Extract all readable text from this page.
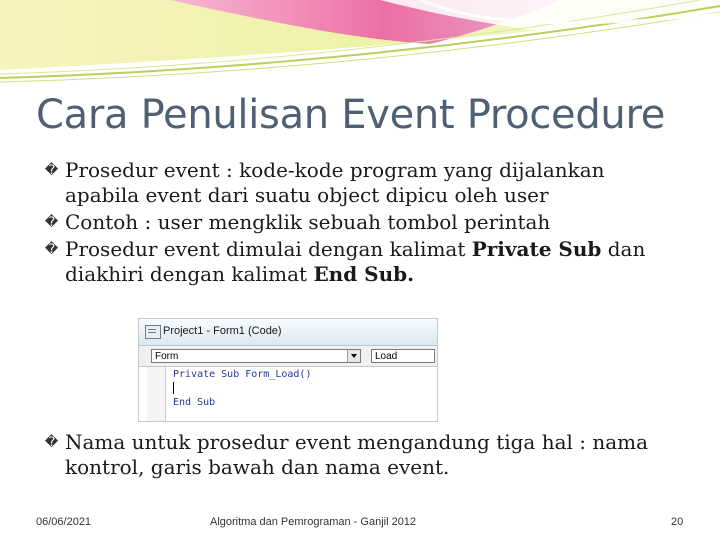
Cara Penulisan Event Procedure
� Prosedur event : kode-kode program yang dijalankan apabila event dari suatu object dipicu oleh user
� Contoh : user mengklik sebuah tombol perintah
� Prosedur event dimulai dengan kalimat Private Sub dan diakhiri dengan kalimat End Sub.
Project1 - Form1 (Code)
Form	Load
Private Sub Form_Load()
End Sub
� Nama untuk prosedur event mengandung tiga hal : nama kontrol, garis bawah dan nama event.
06/06/2021	Algoritma dan Pemrograman - Ganjil 2012	20
